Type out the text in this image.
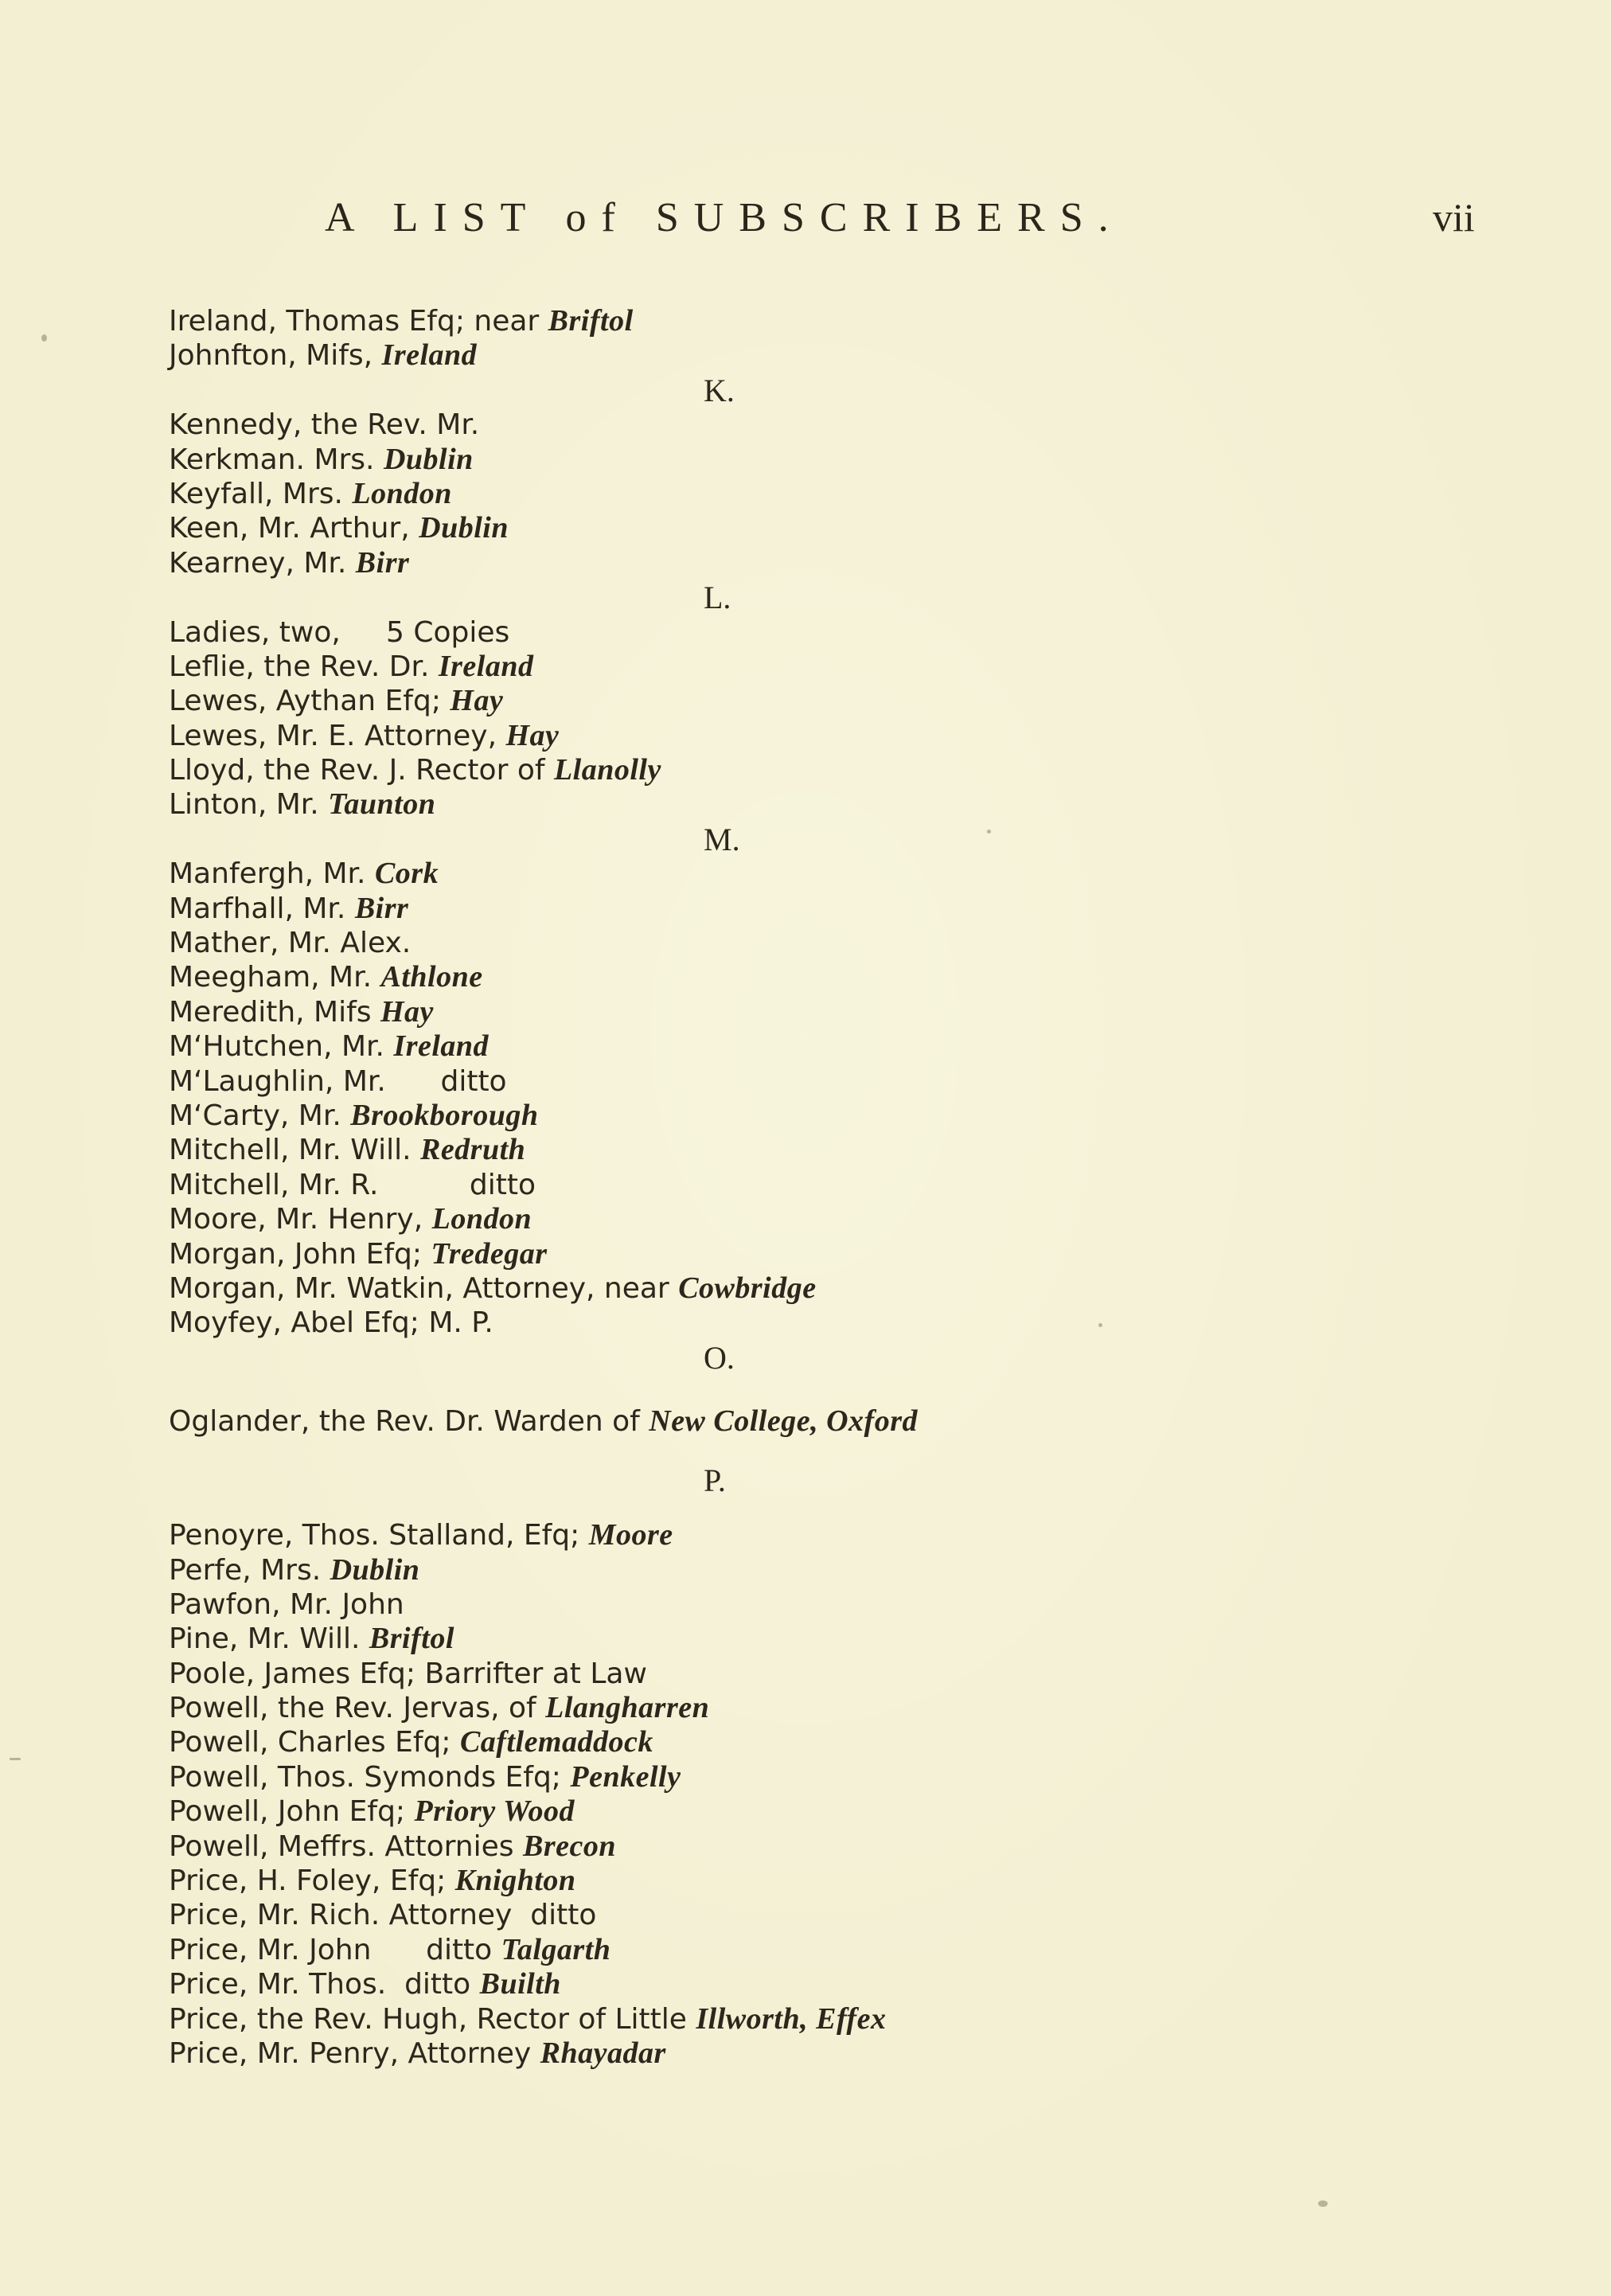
A LIST of SUBSCRIBERS.	vii
Ireland, Thomas Efq; near Briftol
Johnfton, Mifs, Ireland
K.
Kennedy, the Rev. Mr.
Kerkman. Mrs. Dublin
Keyfall, Mrs. London
Keen, Mr. Arthur, Dublin
Kearney, Mr. Birr
L.
Ladies, two,     5 Copies
Leflie, the Rev. Dr. Ireland
Lewes, Aythan Efq; Hay
Lewes, Mr. E. Attorney, Hay
Lloyd, the Rev. J. Rector of Llanolly
Linton, Mr. Taunton
M.
Manfergh, Mr. Cork
Marfhall, Mr. Birr
Mather, Mr. Alex.
Meegham, Mr. Athlone
Meredith, Mifs Hay
M‘Hutchen, Mr. Ireland
M‘Laughlin, Mr.      ditto
M‘Carty, Mr. Brookborough
Mitchell, Mr. Will. Redruth
Mitchell, Mr. R.          ditto
Moore, Mr. Henry, London
Morgan, John Efq; Tredegar
Morgan, Mr. Watkin, Attorney, near Cowbridge
Moyfey, Abel Efq; M. P.
O.
Oglander, the Rev. Dr. Warden of New College, Oxford
P.
Penoyre, Thos. Stalland, Efq; Moore
Perfe, Mrs. Dublin
Pawfon, Mr. John
Pine, Mr. Will. Briftol
Poole, James Efq; Barrifter at Law
Powell, the Rev. Jervas, of Llangharren
Powell, Charles Efq; Caftlemaddock
Powell, Thos. Symonds Efq; Penkelly
Powell, John Efq; Priory Wood
Powell, Meffrs. Attornies Brecon
Price, H. Foley, Efq; Knighton
Price, Mr. Rich. Attorney  ditto
Price, Mr. John      ditto Talgarth
Price, Mr. Thos.  ditto Builth
Price, the Rev. Hugh, Rector of Little Illworth, Effex
Price, Mr. Penry, Attorney Rhayadar
